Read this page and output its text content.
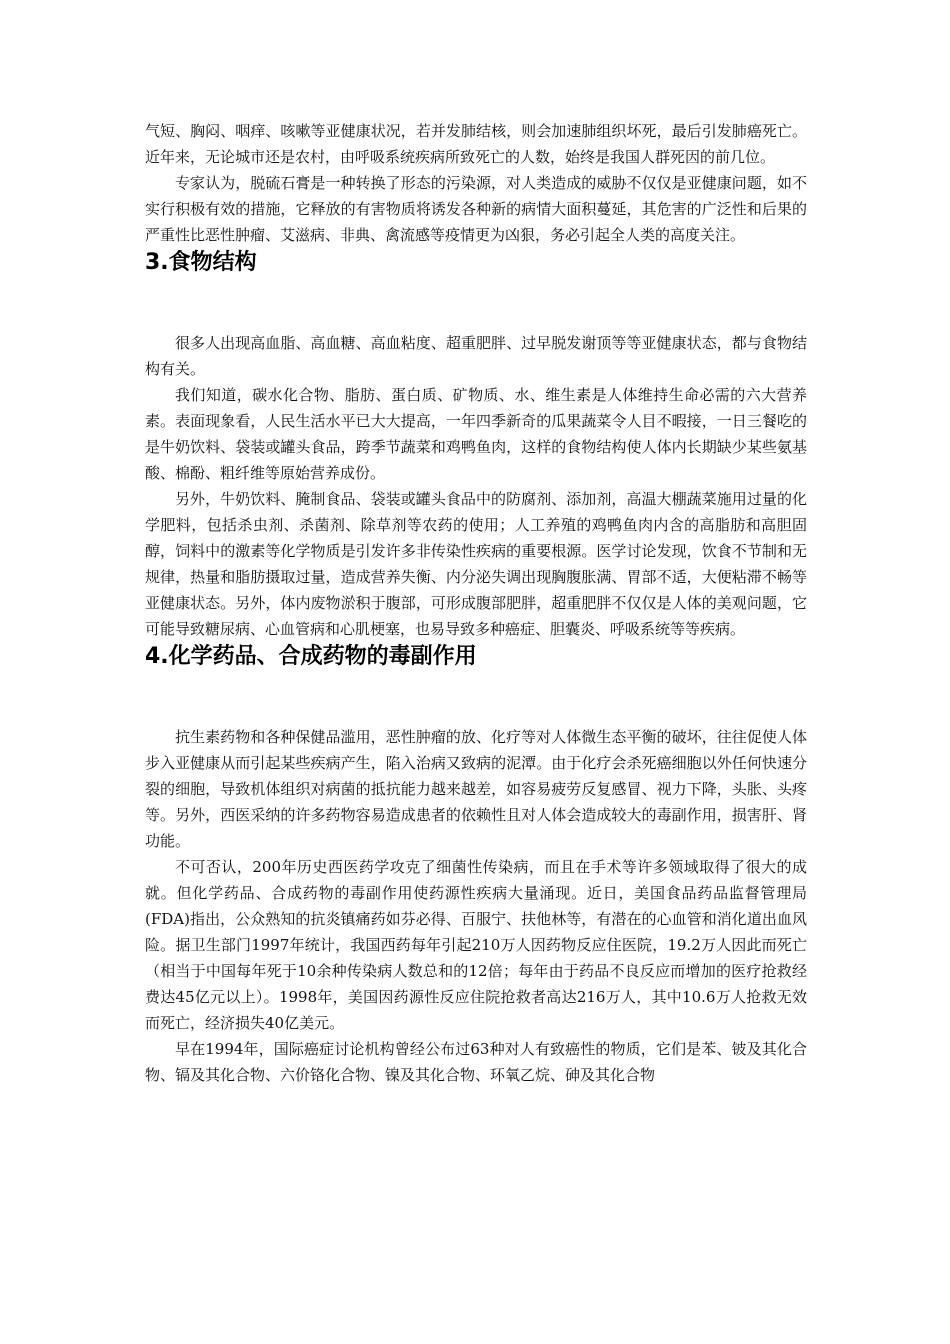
气短、胸闷、咽痒、咳嗽等亚健康状况，若并发肺结核，则会加速肺组织坏死，最后引发肺癌死亡。近年来，无论城市还是农村，由呼吸系统疾病所致死亡的人数，始终是我国人群死因的前几位。

专家认为，脱硫石膏是一种转换了形态的污染源，对人类造成的威胁不仅仅是亚健康问题，如不实行积极有效的措施，它释放的有害物质将诱发各种新的病情大面积蔓延，其危害的广泛性和后果的严重性比恶性肿瘤、艾滋病、非典、禽流感等疫情更为凶狠，务必引起全人类的高度关注。

3.食物结构

很多人出现高血脂、高血糖、高血粘度、超重肥胖、过早脱发谢顶等等亚健康状态，都与食物结构有关。

我们知道，碳水化合物、脂肪、蛋白质、矿物质、水、维生素是人体维持生命必需的六大营养素。表面现象看，人民生活水平已大大提高，一年四季新奇的瓜果蔬菜令人目不暇接，一日三餐吃的是牛奶饮料、袋装或罐头食品，跨季节蔬菜和鸡鸭鱼肉，这样的食物结构使人体内长期缺少某些氨基酸、棉酚、粗纤维等原始营养成份。

另外，牛奶饮料、腌制食品、袋装或罐头食品中的防腐剂、添加剂，高温大棚蔬菜施用过量的化学肥料，包括杀虫剂、杀菌剂、除草剂等农药的使用；人工养殖的鸡鸭鱼肉内含的高脂肪和高胆固醇，饲料中的激素等化学物质是引发许多非传染性疾病的重要根源。医学讨论发现，饮食不节制和无规律，热量和脂肪摄取过量，造成营养失衡、内分泌失调出现胸腹胀满、胃部不适，大便粘滞不畅等亚健康状态。另外，体内废物淤积于腹部，可形成腹部肥胖，超重肥胖不仅仅是人体的美观问题，它可能导致糖尿病、心血管病和心肌梗塞，也易导致多种癌症、胆囊炎、呼吸系统等等疾病。

4.化学药品、合成药物的毒副作用

抗生素药物和各种保健品滥用，恶性肿瘤的放、化疗等对人体微生态平衡的破坏，往往促使人体步入亚健康从而引起某些疾病产生，陷入治病又致病的泥潭。由于化疗会杀死癌细胞以外任何快速分裂的细胞，导致机体组织对病菌的抵抗能力越来越差，如容易疲劳反复感冒、视力下降，头胀、头疼等。另外，西医采纳的许多药物容易造成患者的依赖性且对人体会造成较大的毒副作用，损害肝、肾功能。

不可否认，200年历史西医药学攻克了细菌性传染病，而且在手术等许多领域取得了很大的成就。但化学药品、合成药物的毒副作用使药源性疾病大量涌现。近日，美国食品药品监督管理局(FDA)指出，公众熟知的抗炎镇痛药如芬必得、百服宁、扶他林等，有潜在的心血管和消化道出血风险。据卫生部门1997年统计，我国西药每年引起210万人因药物反应住医院，19.2万人因此而死亡（相当于中国每年死于10余种传染病人数总和的12倍；每年由于药品不良反应而增加的医疗抢救经费达45亿元以上）。1998年，美国因药源性反应住院抢救者高达216万人，其中10.6万人抢救无效而死亡，经济损失40亿美元。

早在1994年，国际癌症讨论机构曾经公布过63种对人有致癌性的物质，它们是苯、铍及其化合物、镉及其化合物、六价铬化合物、镍及其化合物、环氧乙烷、砷及其化合物
